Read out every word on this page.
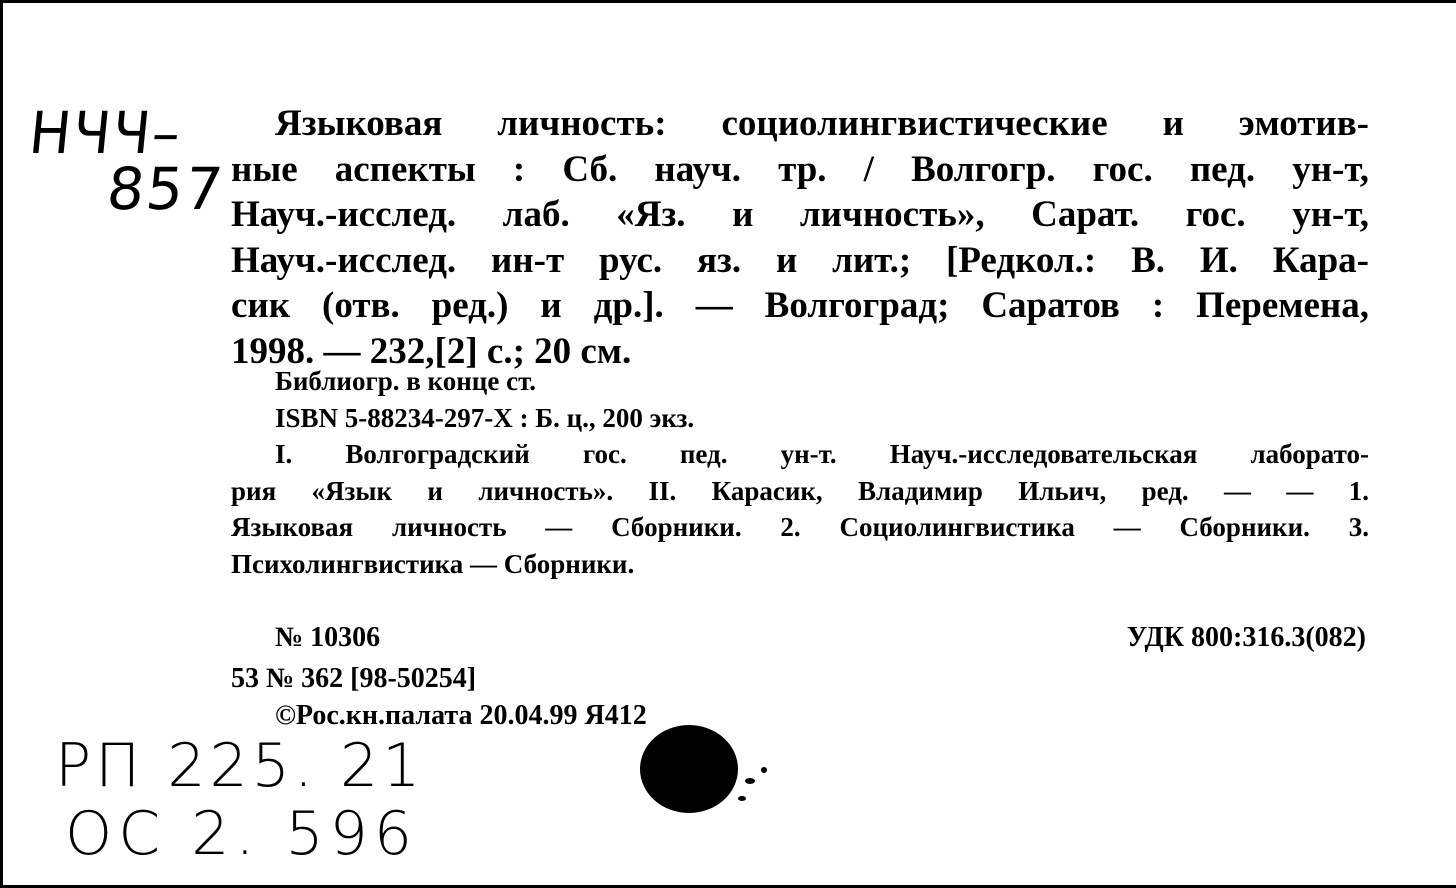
НЧЧ–
857
Языковая личность: социолингвистические и эмотив-
ные аспекты : Сб. науч. тр. / Волгогр. гос. пед. ун-т,
Науч.-исслед. лаб. «Яз. и личность», Сарат. гос. ун-т,
Науч.-исслед. ин-т рус. яз. и лит.; [Редкол.: В. И. Кара-
сик (отв. ред.) и др.]. — Волгоград; Саратов : Перемена,
1998. — 232,[2] с.; 20 см.
Библиогр. в конце ст.
ISBN 5-88234-297-X : Б. ц., 200 экз.
I. Волгоградский гос. пед. ун-т. Науч.-исследовательская лаборато-
рия «Язык и личность». II. Карасик, Владимир Ильич, ред. — — 1.
Языковая личность — Сборники. 2. Социолингвистика — Сборники. 3.
Психолингвистика — Сборники.
№ 10306	УДК 800:316.3(082)
53 № 362 [98-50254]
©Рос.кн.палата 20.04.99 Я412
РП 225. 21
ОС 2. 596
